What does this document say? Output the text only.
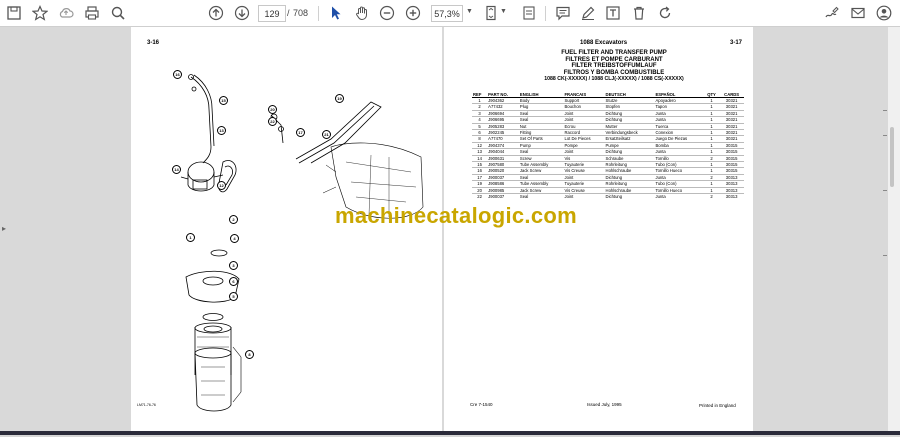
129 / 708	57,3% ▼	▼
▸
3-16
LM71-76-76
16
15
13
14
12
2
4
3
6
8
1
5
19
20
22
17	21
1088 Excavators	3-17
FUEL FILTER AND TRANSFER PUMP
FILTRES ET POMPE CARBURANT
FILTER TREIBSTOFFUMLAUF
FILTROS Y BOMBA COMBUSTIBLE
1088 CK(-XXXXX) / 1088 CLJ(-XXXXX) / 1088 CS(-XXXXX)
REF	PART NO.	ENGLISH	FRANCAIS	DEUTSCH	ESPAÑOL	QTY	CARDS
1	J904362	Body	Support	Stutze	Apoyadero	1	30321
2	A77432	Plug	Bouchon	Stopfen	Tapon	1	30321
3	J906694	Seal	Joint	Dichtung	Junta	1	30321
4	J906695	Seal	Joint	Dichtung	Junta	1	30321
5	J905283	Nut	Ecrou	Mutter	Tuerca	1	30321
6	J902245	Fitting	Raccord	Verbindungsbeck	Conexion	1	30321
8	A77470	Set Of Parts	Lot De Pieces	Ersatzteilsatz	Juego De Piezas	1	30321
12	J904374	Pump	Pompe	Pumpe	Bomba	1	30315
13	J904044	Seal	Joint	Dichtung	Junta	1	30315
14	J900631	Screw	Vis	Schraube	Tornillo	2	30315
15	J907580	Tube Assembly	Tuyauterie	Rohrleitung	Tubo (Con)	1	30315
16	J900520	Jack Screw	Vis Creuse	Hohlschraube	Tornillo Hueco	1	30315
17	J900037	Seal	Joint	Dichtung	Junta	2	30313
19	J908586	Tube Assembly	Tuyauterie	Rohrleitung	Tubo (Con)	1	30313
20	J900985	Jack Screw	Vis Creuse	Hohlschraube	Tornillo Hueco	1	30313
22	J900037	Seal	Joint	Dichtung	Junta	2	30313
Cre 7-1540	Issued July, 1995	Printed in England
machinecatalogic.com
